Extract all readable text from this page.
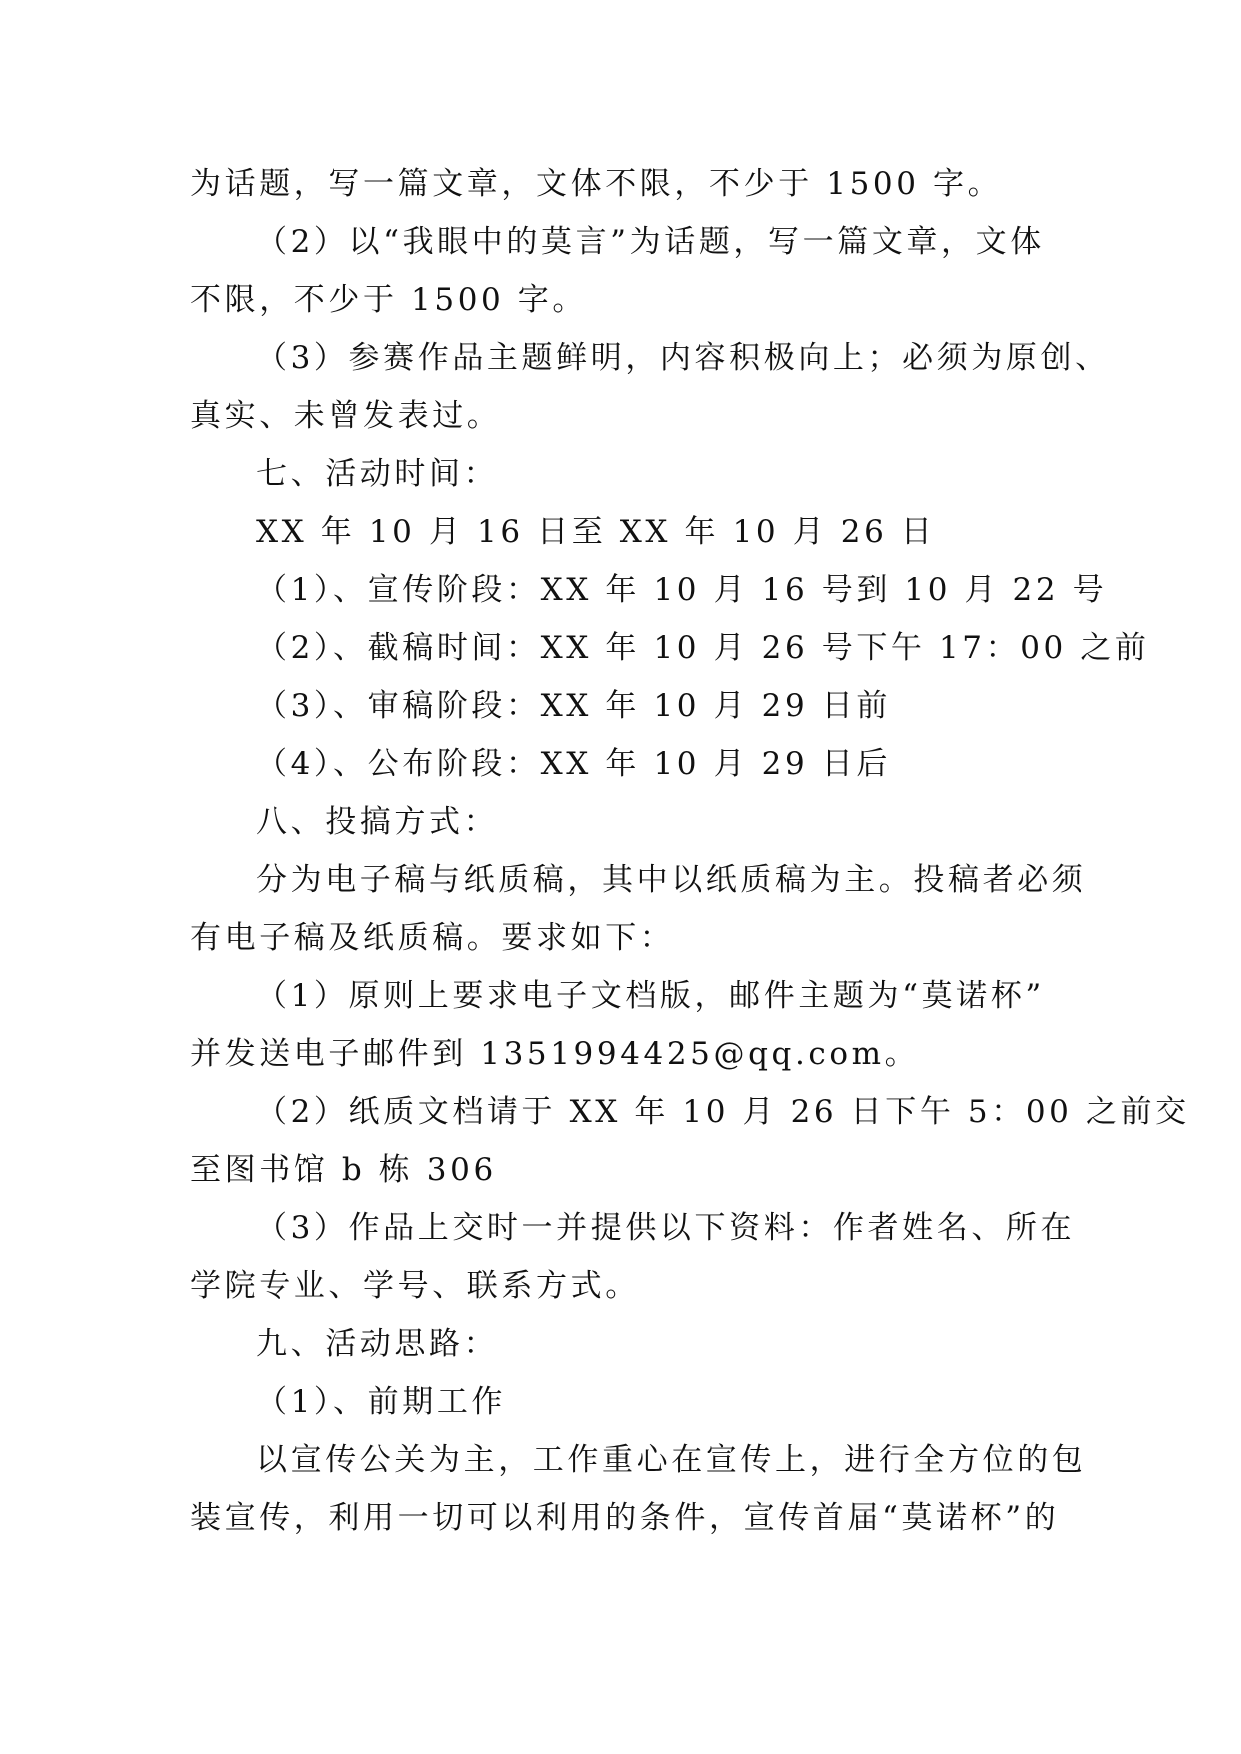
为话题，写一篇文章，文体不限，不少于 1500 字。
（2）以“我眼中的莫言”为话题，写一篇文章，文体
不限，不少于 1500 字。
（3）参赛作品主题鲜明，内容积极向上；必须为原创、
真实、未曾发表过。
七、活动时间：
XX 年 10 月 16 日至 XX 年 10 月 26 日
（1）、宣传阶段：XX 年 10 月 16 号到 10 月 22 号
（2）、截稿时间：XX 年 10 月 26 号下午 17：00 之前
（3）、审稿阶段：XX 年 10 月 29 日前
（4）、公布阶段：XX 年 10 月 29 日后
八、投搞方式：
分为电子稿与纸质稿，其中以纸质稿为主。投稿者必须
有电子稿及纸质稿。要求如下：
（1）原则上要求电子文档版，邮件主题为“莫诺杯”
并发送电子邮件到 1351994425@qq.com。
（2）纸质文档请于 XX 年 10 月 26 日下午 5：00 之前交
至图书馆 b 栋 306
（3）作品上交时一并提供以下资料：作者姓名、所在
学院专业、学号、联系方式。
九、活动思路：
（1）、前期工作
以宣传公关为主，工作重心在宣传上，进行全方位的包
装宣传，利用一切可以利用的条件，宣传首届“莫诺杯”的
